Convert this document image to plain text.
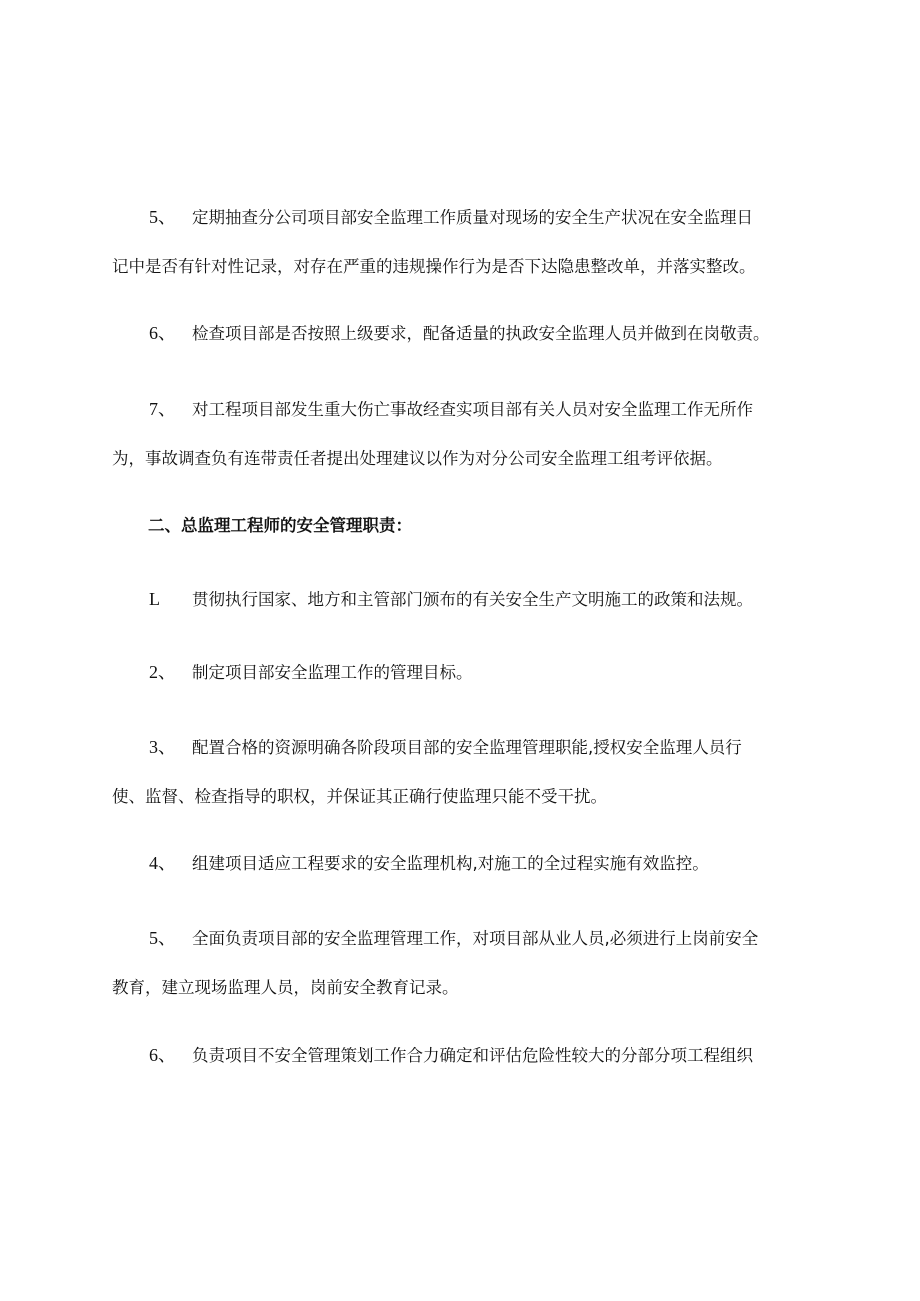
5、 定期抽查分公司项目部安全监理工作质量对现场的安全生产状况在安全监理日
记中是否有针对性记录，对存在严重的违规操作行为是否下达隐患整改单，并落实整改。

6、 检查项目部是否按照上级要求，配备适量的执政安全监理人员并做到在岗敬责。

7、 对工程项目部发生重大伤亡事故经查实项目部有关人员对安全监理工作无所作
为，事故调查负有连带责任者提出处理建议以作为对分公司安全监理工组考评依据。

二、总监理工程师的安全管理职责：

L 贯彻执行国家、地方和主管部门颁布的有关安全生产文明施工的政策和法规。

2、 制定项目部安全监理工作的管理目标。

3、 配置合格的资源明确各阶段项目部的安全监理管理职能,授权安全监理人员行
使、监督、检查指导的职权，并保证其正确行使监理只能不受干扰。

4、 组建项目适应工程要求的安全监理机构,对施工的全过程实施有效监控。

5、 全面负责项目部的安全监理管理工作，对项目部从业人员,必须进行上岗前安全
教育，建立现场监理人员，岗前安全教育记录。

6、 负责项目不安全管理策划工作合力确定和评估危险性较大的分部分项工程组织
